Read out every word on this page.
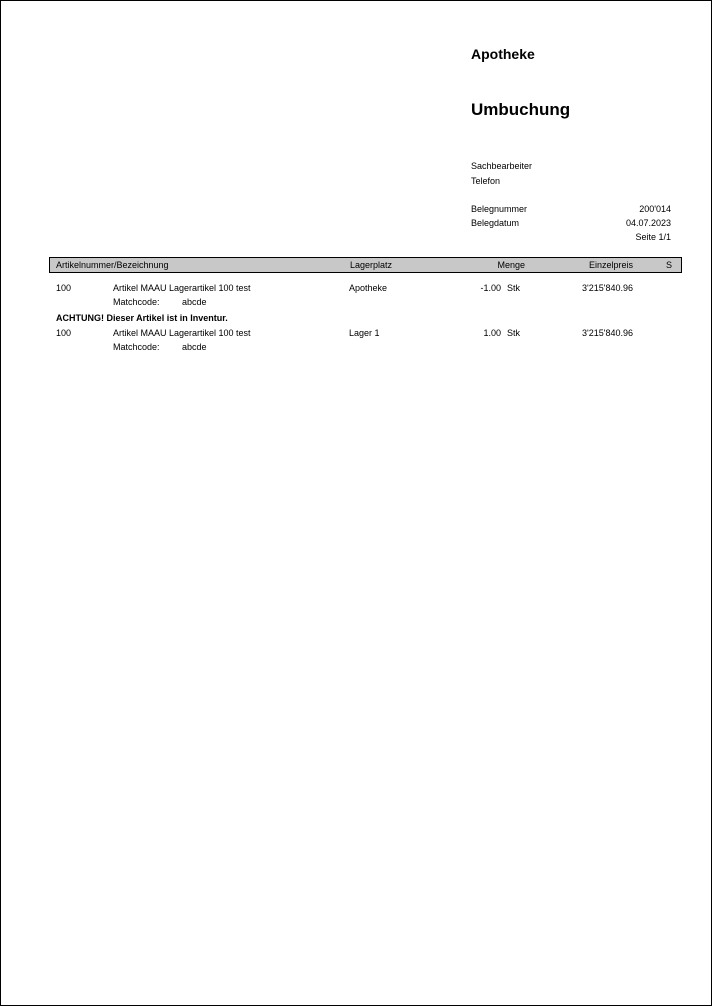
Apotheke
Umbuchung
Sachbearbeiter
Telefon
Belegnummer	200'014
Belegdatum	04.07.2023
Seite 1/1
Artikelnummer/Bezeichnung	Lagerplatz	Menge	Einzelpreis	S
100	Artikel MAAU Lagerartikel 100 test	Apotheke	-1.00 Stk	3'215'840.96
Matchcode: abcde
ACHTUNG! Dieser Artikel ist in Inventur.
100	Artikel MAAU Lagerartikel 100 test	Lager 1	1.00 Stk	3'215'840.96
Matchcode: abcde
